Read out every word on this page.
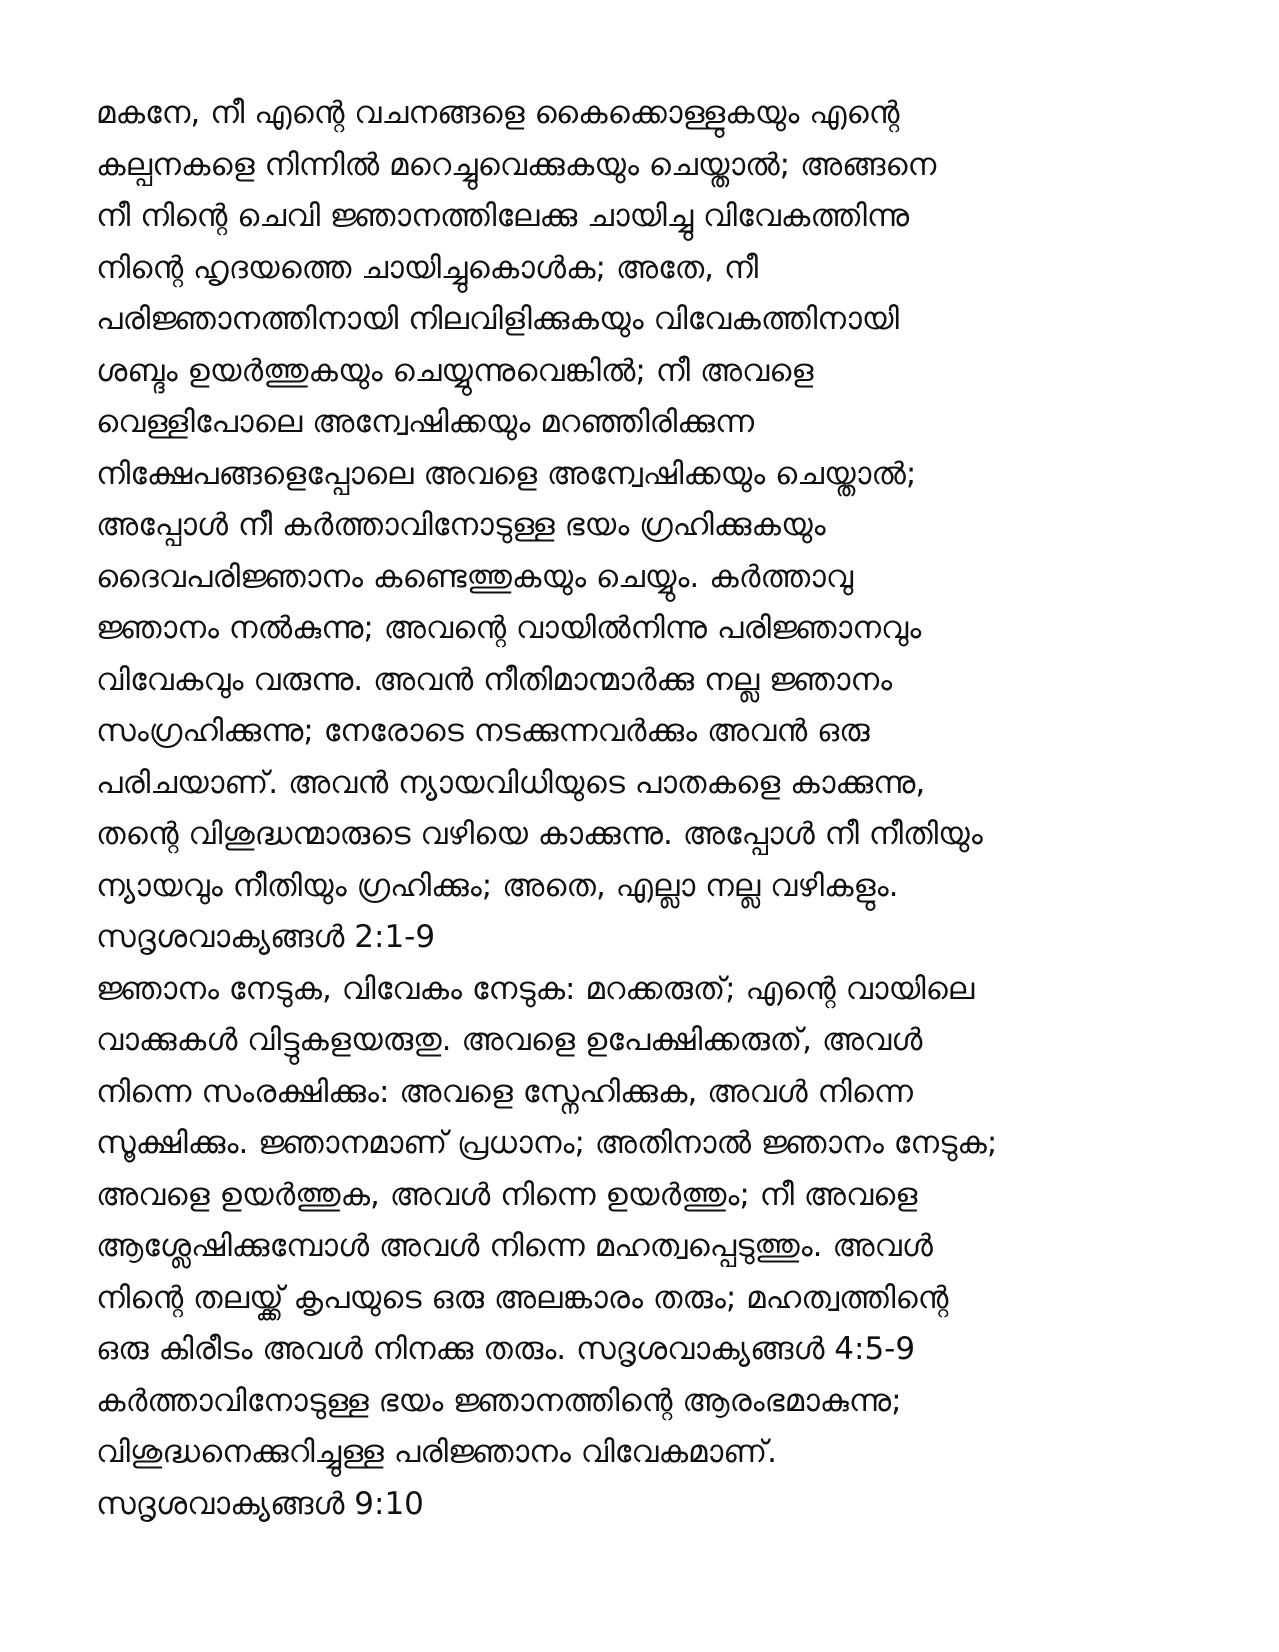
മകനേ, നീ എന്റെ വചനങ്ങളെ കൈക്കൊള്ളുകയും എന്റെ
കല്പനകളെ നിന്നിൽ മറെച്ചുവെക്കുകയും ചെയ്താൽ; അങ്ങനെ
നീ നിന്റെ ചെവി ജ്ഞാനത്തിലേക്കു ചായിച്ചു വിവേകത്തിന്നു
നിന്റെ ഹൃദയത്തെ ചായിച്ചുകൊൾക; അതേ, നീ
പരിജ്ഞാനത്തിനായി നിലവിളിക്കുകയും വിവേകത്തിനായി
ശബ്ദം ഉയർത്തുകയും ചെയ്യുന്നുവെങ്കിൽ; നീ അവളെ
വെള്ളിപോലെ അന്വേഷിക്കയും മറഞ്ഞിരിക്കുന്ന
നിക്ഷേപങ്ങളെപ്പോലെ അവളെ അന്വേഷിക്കയും ചെയ്താൽ;
അപ്പോൾ നീ കർത്താവിനോടുള്ള ഭയം ഗ്രഹിക്കുകയും
ദൈവപരിജ്ഞാനം കണ്ടെത്തുകയും ചെയ്യും. കർത്താവു
ജ്ഞാനം നൽകുന്നു; അവന്റെ വായിൽനിന്നു പരിജ്ഞാനവും
വിവേകവും വരുന്നു. അവൻ നീതിമാന്മാർക്കു നല്ല ജ്ഞാനം
സംഗ്രഹിക്കുന്നു; നേരോടെ നടക്കുന്നവർക്കും അവൻ ഒരു
പരിചയാണ്. അവൻ ന്യായവിധിയുടെ പാതകളെ കാക്കുന്നു,
തന്റെ വിശുദ്ധന്മാരുടെ വഴിയെ കാക്കുന്നു. അപ്പോൾ നീ നീതിയും
ന്യായവും നീതിയും ഗ്രഹിക്കും; അതെ, എല്ലാ നല്ല വഴികളും.
സദൃശവാക്യങ്ങൾ 2:1-9
ജ്ഞാനം നേടുക, വിവേകം നേടുക: മറക്കരുത്; എന്റെ വായിലെ
വാക്കുകൾ വിട്ടുകളയരുതു. അവളെ ഉപേക്ഷിക്കരുത്, അവൾ
നിന്നെ സംരക്ഷിക്കും: അവളെ സ്നേഹിക്കുക, അവൾ നിന്നെ
സൂക്ഷിക്കും. ജ്ഞാനമാണ് പ്രധാനം; അതിനാൽ ജ്ഞാനം നേടുക;
അവളെ ഉയർത്തുക, അവൾ നിന്നെ ഉയർത്തും; നീ അവളെ
ആശ്ലേഷിക്കുമ്പോൾ അവൾ നിന്നെ മഹത്വപ്പെടുത്തും. അവൾ
നിന്റെ തലയ്ക്ക് കൃപയുടെ ഒരു അലങ്കാരം തരും; മഹത്വത്തിന്റെ
ഒരു കിരീടം അവൾ നിനക്കു തരും. സദൃശവാക്യങ്ങൾ 4:5-9
കർത്താവിനോടുള്ള ഭയം ജ്ഞാനത്തിന്റെ ആരംഭമാകുന്നു;
വിശുദ്ധനെക്കുറിച്ചുള്ള പരിജ്ഞാനം വിവേകമാണ്.
സദൃശവാക്യങ്ങൾ 9:10
